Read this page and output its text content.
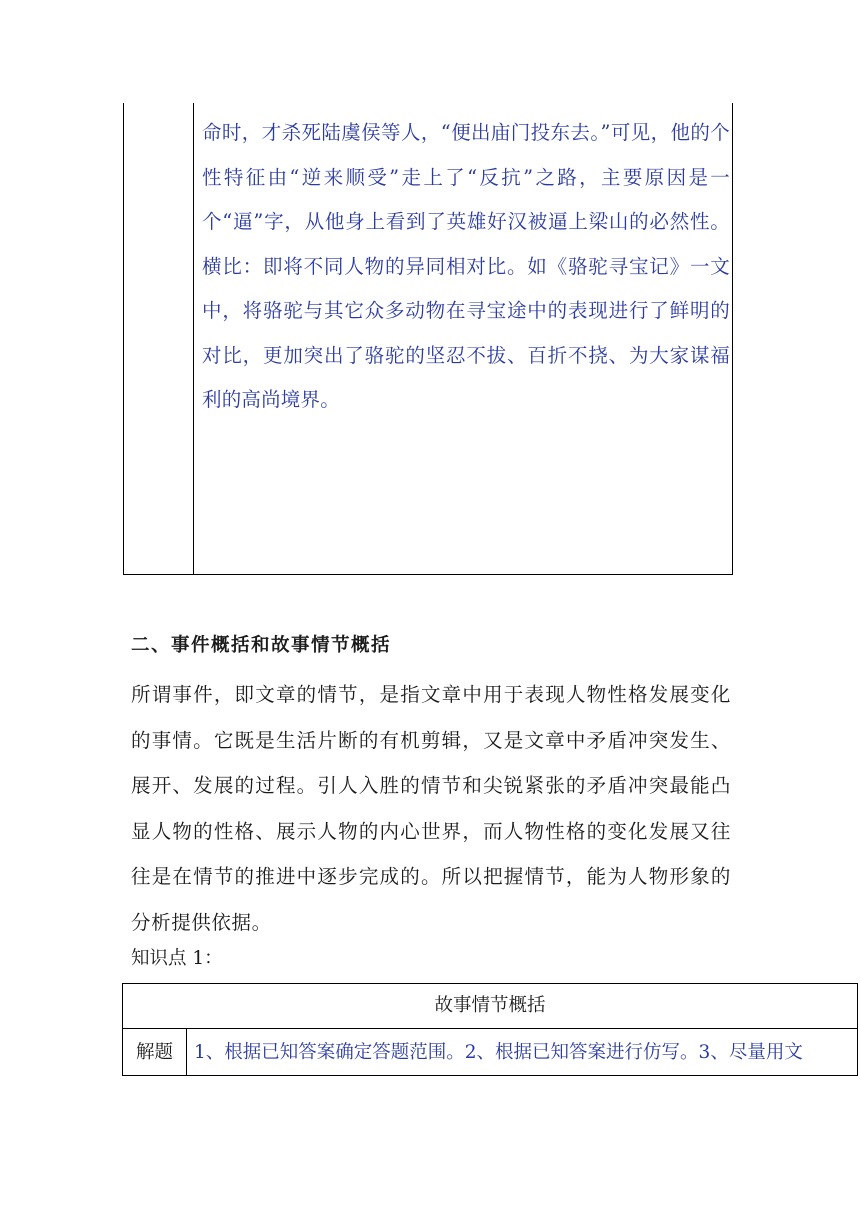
命时，才杀死陆虞侯等人，“便出庙门投东去。”可见，他的个性特征由“逆来顺受”走上了“反抗”之路，主要原因是一个“逼”字，从他身上看到了英雄好汉被逼上梁山的必然性。横比：即将不同人物的异同相对比。如《骆驼寻宝记》一文中，将骆驼与其它众多动物在寻宝途中的表现进行了鲜明的对比，更加突出了骆驼的坚忍不拔、百折不挠、为大家谋福利的高尚境界。
二、事件概括和故事情节概括
所谓事件，即文章的情节，是指文章中用于表现人物性格发展变化的事情。它既是生活片断的有机剪辑，又是文章中矛盾冲突发生、展开、发展的过程。引人入胜的情节和尖锐紧张的矛盾冲突最能凸显人物的性格、展示人物的内心世界，而人物性格的变化发展又往往是在情节的推进中逐步完成的。所以把握情节，能为人物形象的分析提供依据。
知识点 1：
故事情节概括
解题	1、根据已知答案确定答题范围。2、根据已知答案进行仿写。3、尽量用文
